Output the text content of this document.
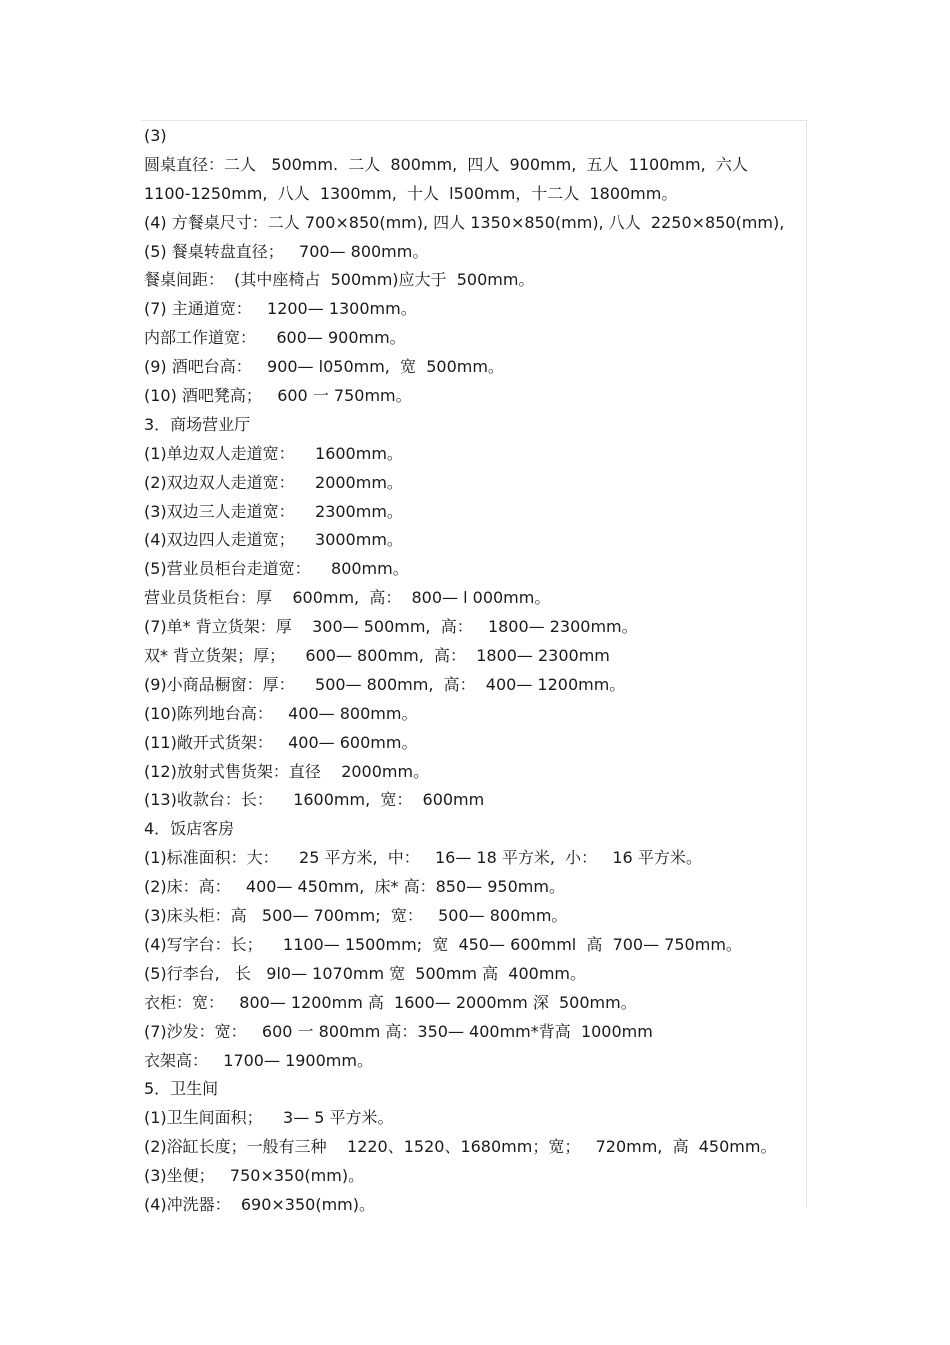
(3)
圆桌直径：二人   500mm.  二人  800mm,  四人  900mm,  五人  1100mm,  六人
1100-1250mm,  八人  1300mm,  十人  l500mm，十二人  1800mm。
(4) 方餐桌尺寸：二人 700×850(mm), 四人 1350×850(mm), 八人  2250×850(mm),
(5) 餐桌转盘直径；   700— 800mm。
餐桌间距：  (其中座椅占  500mm)应大于  500mm。
(7) 主通道宽：   1200— 1300mm。
内部工作道宽：    600— 900mm。
(9) 酒吧台高：   900— l050mm,  宽  500mm。
(10) 酒吧凳高；   600 一 750mm。
3．商场营业厅
(1)单边双人走道宽：    1600mm。
(2)双边双人走道宽：    2000mm。
(3)双边三人走道宽：    2300mm。
(4)双边四人走道宽；    3000mm。
(5)营业员柜台走道宽：    800mm。
营业员货柜台：厚    600mm,  高：  800— l 000mm。
(7)单* 背立货架：厚    300— 500mm,  高：   1800— 2300mm。
双* 背立货架；厚；    600— 800mm,  高：  1800— 2300mm
(9)小商品橱窗：厚：    500— 800mm,  高：  400— 1200mm。
(10)陈列地台高：   400— 800mm。
(11)敞开式货架：   400— 600mm。
(12)放射式售货架：直径    2000mm。
(13)收款台：长：    1600mm,  宽：  600mm
4．饭店客房
(1)标准面积：大：    25 平方米,  中：   16— 18 平方米,  小：   16 平方米。
(2)床：高：   400— 450mm,  床* 高：850— 950mm。
(3)床头柜：高   500— 700mm;  宽：   500— 800mm。
(4)写字台：长；    1100— 1500mm;  宽  450— 600mml  高  700— 750mm。
(5)行李台,   长   9l0— 1070mm 宽  500mm 高  400mm。
衣柜：宽：   800— 1200mm 高  1600— 2000mm 深  500mm。
(7)沙发：宽：   600 一 800mm 高：350— 400mm*背高  1000mm
衣架高：   1700— 1900mm。
5．卫生间
(1)卫生间面积；    3— 5 平方米。
(2)浴缸长度；一般有三种    1220、1520、1680mm；宽；   720mm,  高  450mm。
(3)坐便；   750×350(mm)。
(4)冲洗器：  690×350(mm)。
